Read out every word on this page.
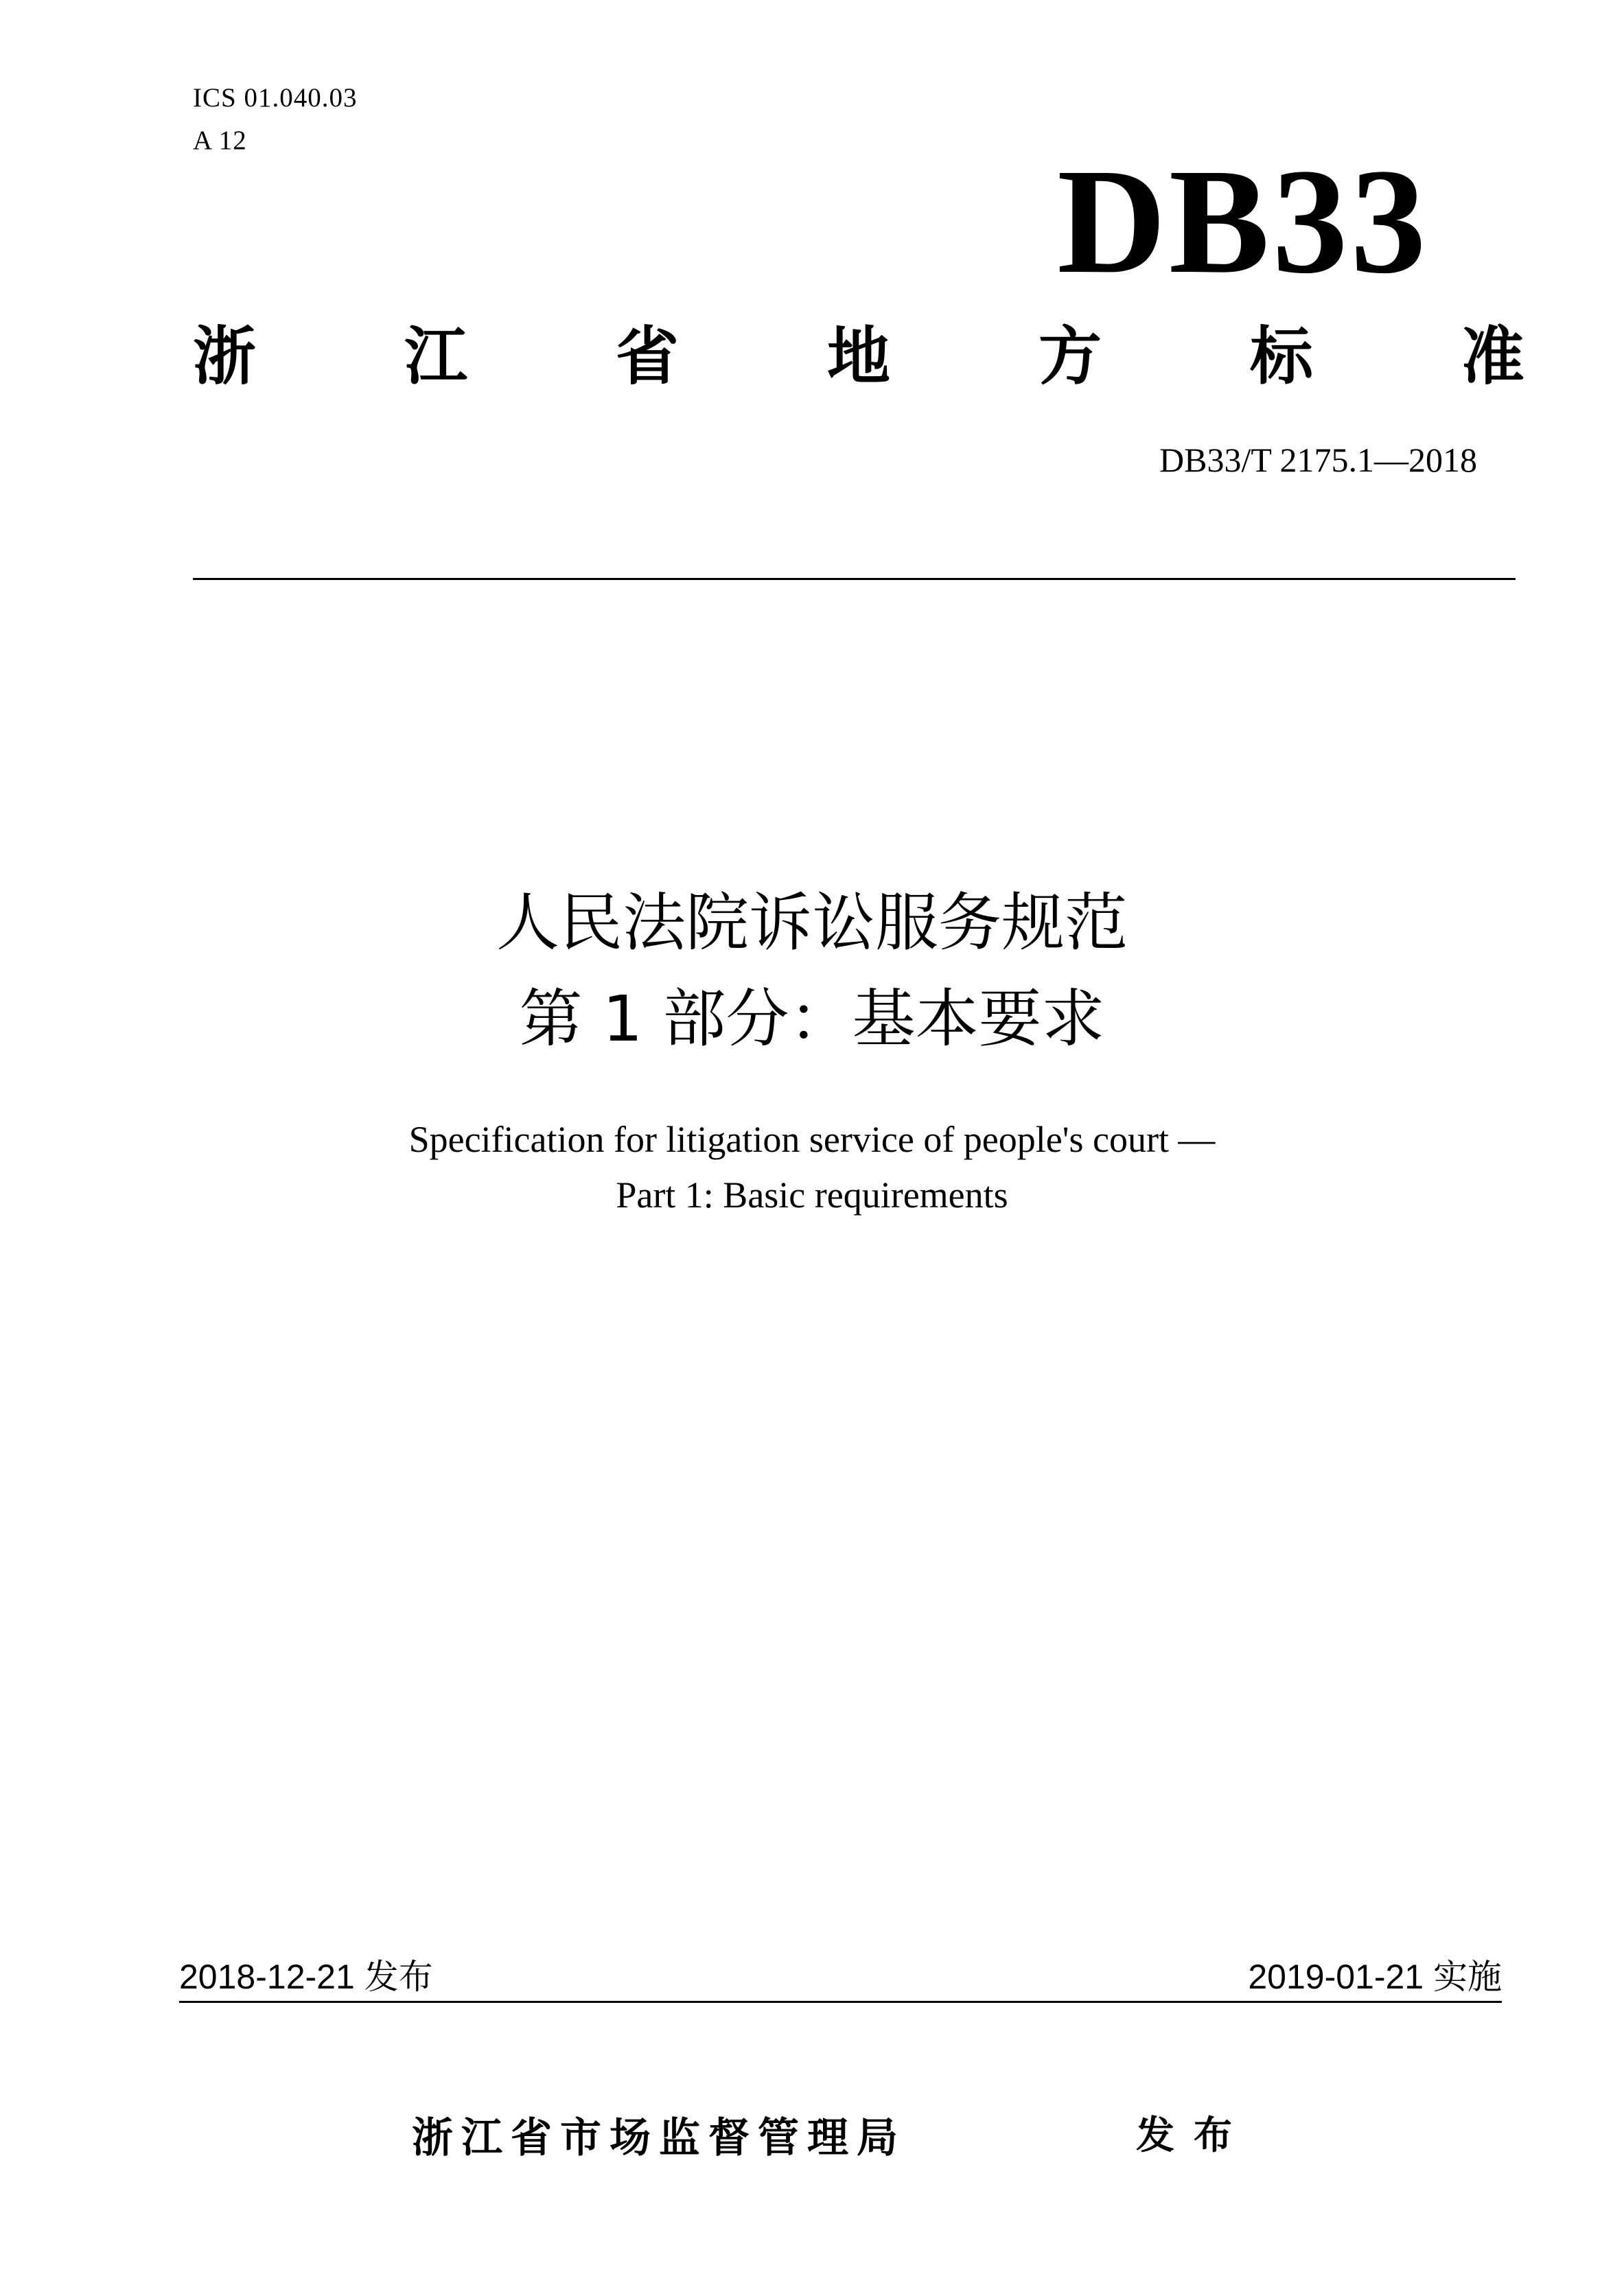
ICS 01.040.03

A 12	DB33
浙 江 省 地 方 标 准

DB33/T 2175.1—2018

人民法院诉讼服务规范
第 1 部分：基本要求

Specification for litigation service of people's court —

Part 1: Basic requirements

2018-12-21 发布	2019-01-21 实施

浙江省市场监督管理局	发布
